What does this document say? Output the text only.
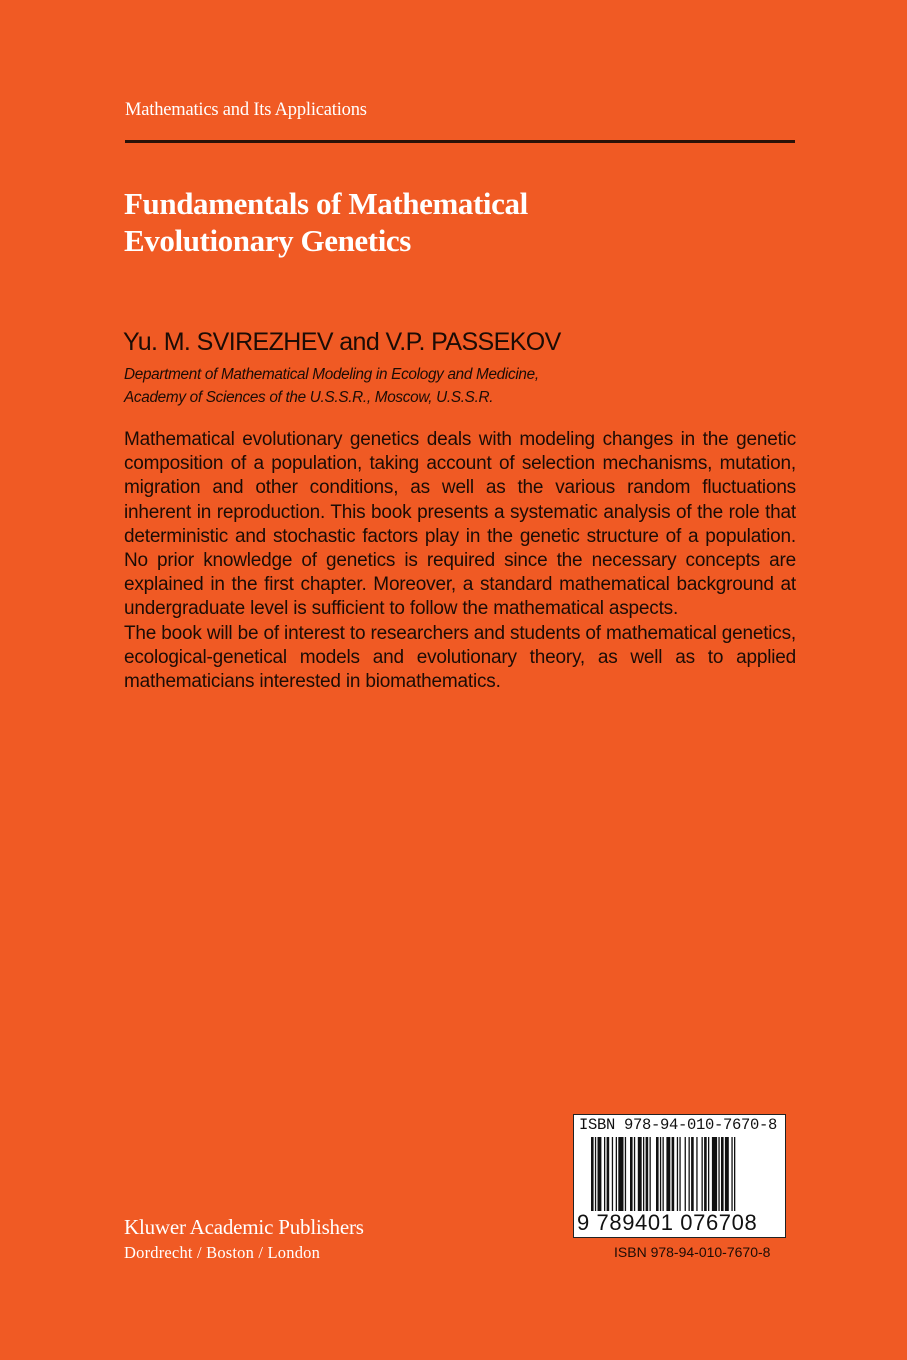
Mathematics and Its Applications
Fundamentals of Mathematical
Evolutionary Genetics
Yu. M. SVIREZHEV and V.P. PASSEKOV
Department of Mathematical Modeling in Ecology and Medicine,
Academy of Sciences of the U.S.S.R., Moscow, U.S.S.R.

Mathematical evolutionary genetics deals with modeling changes in the genetic composition of a population, taking account of selection mechanisms, mutation, migration and other conditions, as well as the various random fluctuations inherent in reproduction. This book presents a systematic analysis of the role that deterministic and stochastic factors play in the genetic structure of a population. No prior knowledge of genetics is required since the necessary concepts are explained in the first chapter. Moreover, a standard mathematical background at undergraduate level is sufficient to follow the mathematical aspects.

The book will be of interest to researchers and students of mathematical genetics, ecological-genetical models and evolutionary theory, as well as to applied mathematicians interested in biomathematics.

ISBN 978-94-010-7670-8
9 789401 076708
ISBN 978-94-010-7670-8
Kluwer Academic Publishers
Dordrecht / Boston / London
